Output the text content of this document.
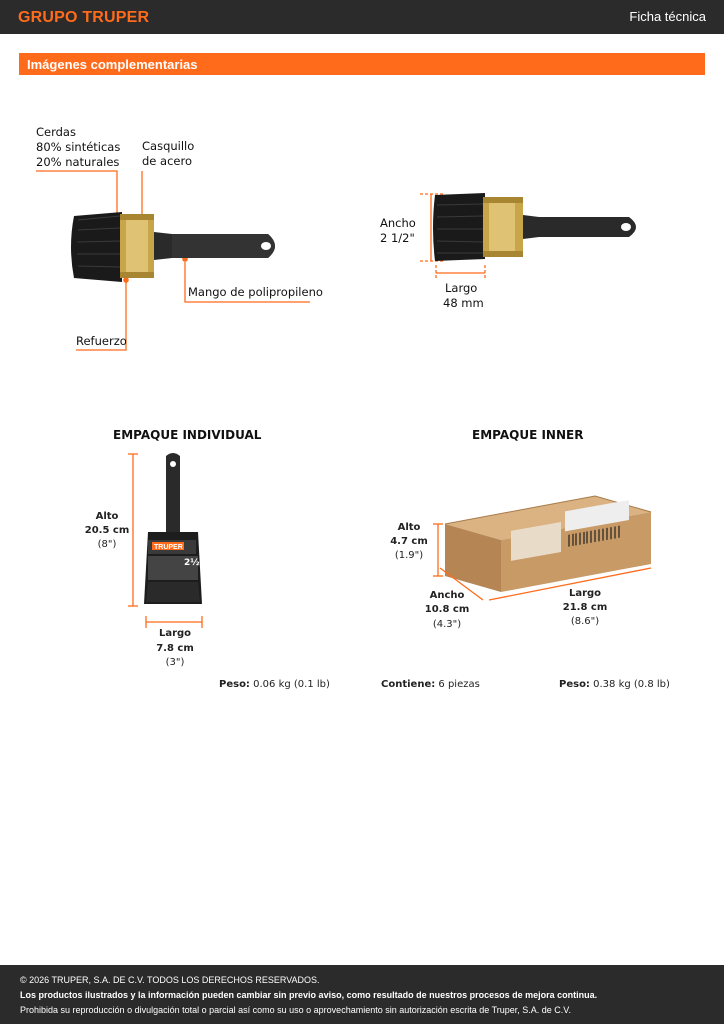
GRUPO TRUPER	Ficha técnica
Imágenes complementarias
Cerdas
80% sintéticas
20% naturales
Casquillo
de acero
Mango de polipropileno
Refuerzo
Ancho
2 1/2"
Largo
48 mm
EMPAQUE INDIVIDUAL
TRUPER
2½
Alto
20.5 cm
(8")
Largo
7.8 cm
(3")
Peso: 0.06 kg (0.1 lb)
EMPAQUE INNER
Alto
4.7 cm
(1.9")
Ancho
10.8 cm
(4.3")
Largo
21.8 cm
(8.6")
Contiene: 6 piezas	Peso: 0.38 kg (0.8 lb)
© 2026 TRUPER, S.A. DE C.V. TODOS LOS DERECHOS RESERVADOS.
Los productos ilustrados y la información pueden cambiar sin previo aviso, como resultado de nuestros procesos de mejora continua.
Prohibida su reproducción o divulgación total o parcial así como su uso o aprovechamiento sin autorización escrita de Truper, S.A. de C.V.
